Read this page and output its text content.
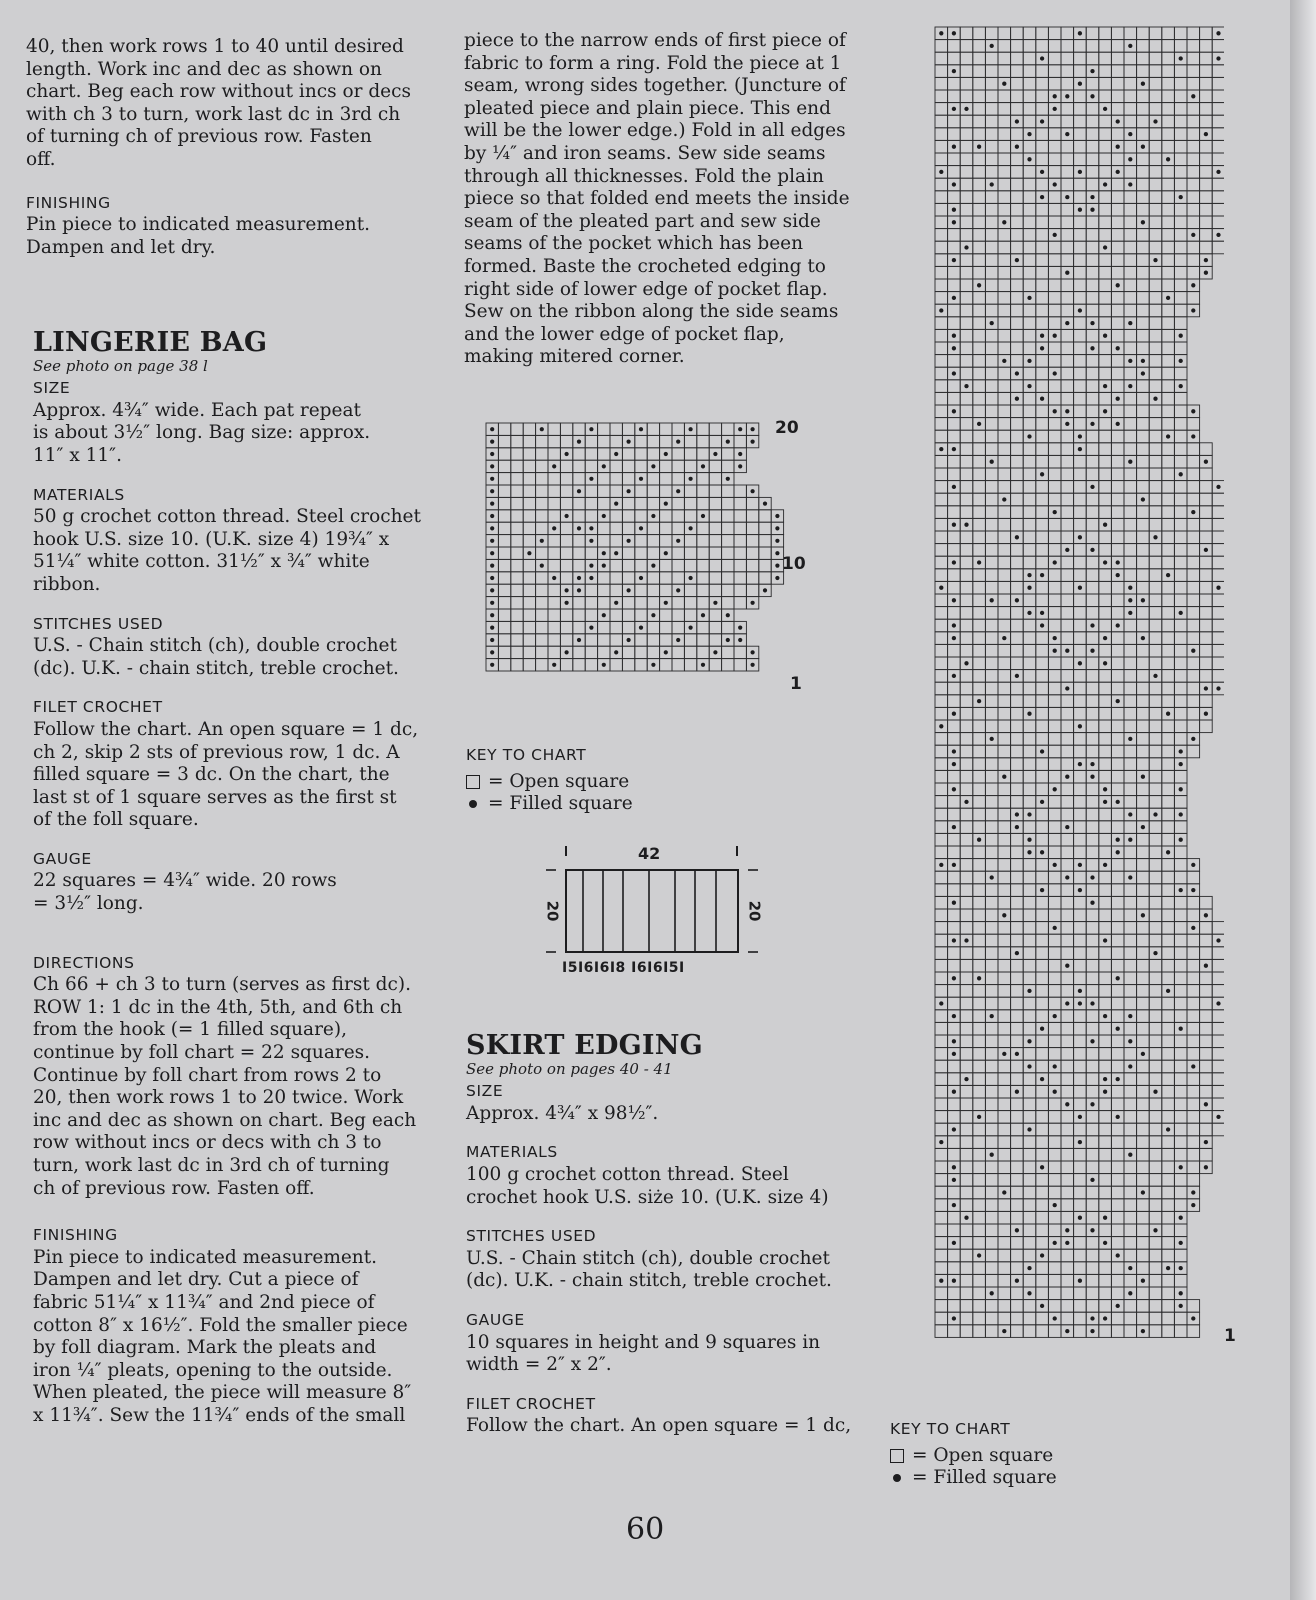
40, then work rows 1 to 40 until desired
length. Work inc and dec as shown on
chart. Beg each row without incs or decs
with ch 3 to turn, work last dc in 3rd ch
of turning ch of previous row. Fasten
off.

FINISHING

Pin piece to indicated measurement.
Dampen and let dry.

LINGERIE BAG

See photo on page 38 l

SIZE

Approx. 4¾″ wide. Each pat repeat
is about 3½″ long. Bag size: approx.
11″ x 11″.

MATERIALS

50 g crochet cotton thread. Steel crochet
hook U.S. size 10. (U.K. size 4) 19¾″ x
51¼″ white cotton. 31½″ x ¾″ white
ribbon.

STITCHES USED

U.S. - Chain stitch (ch), double crochet
(dc). U.K. - chain stitch, treble crochet.

FILET CROCHET

Follow the chart. An open square = 1 dc,
ch 2, skip 2 sts of previous row, 1 dc. A
filled square = 3 dc. On the chart, the
last st of 1 square serves as the first st
of the foll square.

GAUGE

22 squares = 4¾″ wide. 20 rows
= 3½″ long.

DIRECTIONS

Ch 66 + ch 3 to turn (serves as first dc).
ROW 1: 1 dc in the 4th, 5th, and 6th ch
from the hook (= 1 filled square),
continue by foll chart = 22 squares.
Continue by foll chart from rows 2 to
20, then work rows 1 to 20 twice. Work
inc and dec as shown on chart. Beg each
row without incs or decs with ch 3 to
turn, work last dc in 3rd ch of turning
ch of previous row. Fasten off.

FINISHING

Pin piece to indicated measurement.
Dampen and let dry. Cut a piece of
fabric 51¼″ x 11¾″ and 2nd piece of
cotton 8″ x 16½″. Fold the smaller piece
by foll diagram. Mark the pleats and
iron ¼″ pleats, opening to the outside.
When pleated, the piece will measure 8″
x 11¾″. Sew the 11¾″ ends of the small

piece to the narrow ends of first piece of
fabric to form a ring. Fold the piece at 1
seam, wrong sides together. (Juncture of
pleated piece and plain piece. This end
will be the lower edge.) Fold in all edges
by ¼″ and iron seams. Sew side seams
through all thicknesses. Fold the plain
piece so that folded end meets the inside
seam of the pleated part and sew side
seams of the pocket which has been
formed. Baste the crocheted edging to
right side of lower edge of pocket flap.
Sew on the ribbon along the side seams
and the lower edge of pocket flap,
making mitered corner.

20
10
1

KEY TO CHART

= Open square
= Filled square
42
20	20
I5I6I6I8 I6I6I5I

SKIRT EDGING

See photo on pages 40 - 41

SIZE

Approx. 4¾″ x 98½″.

MATERIALS

100 g crochet cotton thread. Steel
crochet hook U.S. siże 10. (U.K. size 4)

STITCHES USED

U.S. - Chain stitch (ch), double crochet
(dc). U.K. - chain stitch, treble crochet.

GAUGE

10 squares in height and 9 squares in
width = 2″ x 2″.

FILET CROCHET

Follow the chart. An open square = 1 dc,

1

KEY TO CHART

= Open square
= Filled square
60
